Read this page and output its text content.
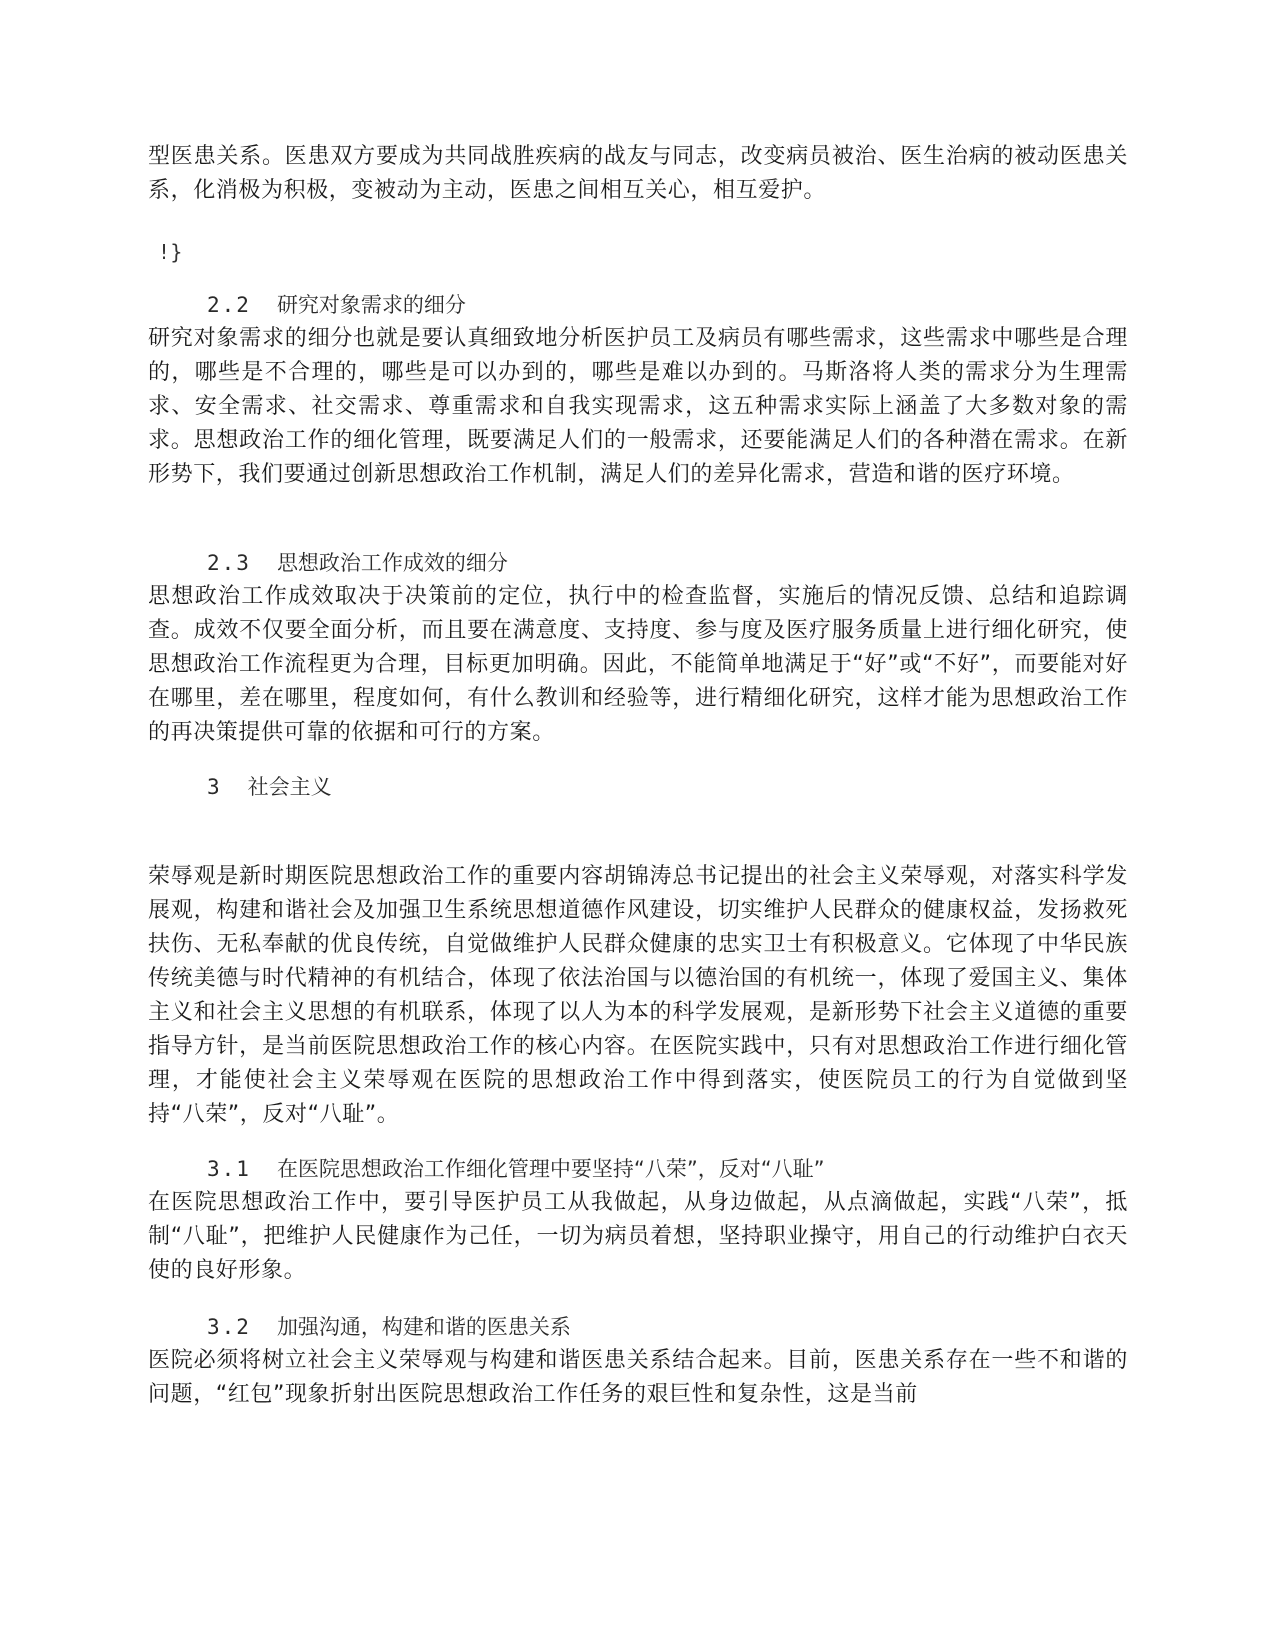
型医患关系。医患双方要成为共同战胜疾病的战友与同志，改变病员被治、医生治病的被动医患关系，化消极为积极，变被动为主动，医患之间相互关心，相互爱护。

!}
2.2 研究对象需求的细分

研究对象需求的细分也就是要认真细致地分析医护员工及病员有哪些需求，这些需求中哪些是合理的，哪些是不合理的，哪些是可以办到的，哪些是难以办到的。马斯洛将人类的需求分为生理需求、安全需求、社交需求、尊重需求和自我实现需求，这五种需求实际上涵盖了大多数对象的需求。思想政治工作的细化管理，既要满足人们的一般需求，还要能满足人们的各种潜在需求。在新形势下，我们要通过创新思想政治工作机制，满足人们的差异化需求，营造和谐的医疗环境。

2.3 思想政治工作成效的细分

思想政治工作成效取决于决策前的定位，执行中的检查监督，实施后的情况反馈、总结和追踪调查。成效不仅要全面分析，而且要在满意度、支持度、参与度及医疗服务质量上进行细化研究，使思想政治工作流程更为合理，目标更加明确。因此，不能简单地满足于“好”或“不好”，而要能对好在哪里，差在哪里，程度如何，有什么教训和经验等，进行精细化研究，这样才能为思想政治工作的再决策提供可靠的依据和可行的方案。

3 社会主义

荣辱观是新时期医院思想政治工作的重要内容胡锦涛总书记提出的社会主义荣辱观，对落实科学发展观，构建和谐社会及加强卫生系统思想道德作风建设，切实维护人民群众的健康权益，发扬救死扶伤、无私奉献的优良传统，自觉做维护人民群众健康的忠实卫士有积极意义。它体现了中华民族传统美德与时代精神的有机结合，体现了依法治国与以德治国的有机统一，体现了爱国主义、集体主义和社会主义思想的有机联系，体现了以人为本的科学发展观，是新形势下社会主义道德的重要指导方针，是当前医院思想政治工作的核心内容。在医院实践中，只有对思想政治工作进行细化管理，才能使社会主义荣辱观在医院的思想政治工作中得到落实，使医院员工的行为自觉做到坚持“八荣”，反对“八耻”。

3.1 在医院思想政治工作细化管理中要坚持“八荣”，反对“八耻”

在医院思想政治工作中，要引导医护员工从我做起，从身边做起，从点滴做起，实践“八荣”，抵制“八耻”，把维护人民健康作为己任，一切为病员着想，坚持职业操守，用自己的行动维护白衣天使的良好形象。

3.2 加强沟通，构建和谐的医患关系

医院必须将树立社会主义荣辱观与构建和谐医患关系结合起来。目前，医患关系存在一些不和谐的问题，“红包”现象折射出医院思想政治工作任务的艰巨性和复杂性，这是当前
